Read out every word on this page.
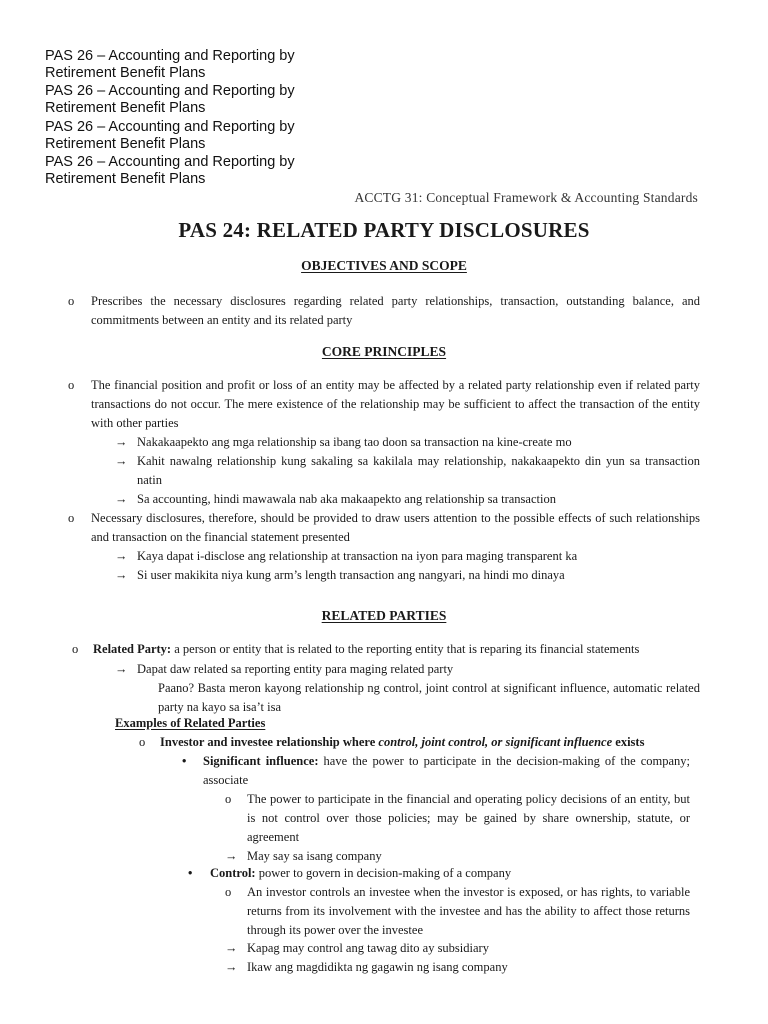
PAS 26 – Accounting and Reporting by
Retirement Benefit Plans
PAS 26 – Accounting and Reporting by
Retirement Benefit Plans
PAS 26 – Accounting and Reporting by
Retirement Benefit Plans
PAS 26 – Accounting and Reporting by
Retirement Benefit Plans
ACCTG 31: Conceptual Framework & Accounting Standards
PAS 24: RELATED PARTY DISCLOSURES
OBJECTIVES AND SCOPE
o Prescribes the necessary disclosures regarding related party relationships, transaction, outstanding balance, and commitments between an entity and its related party
CORE PRINCIPLES
o The financial position and profit or loss of an entity may be affected by a related party relationship even if related party transactions do not occur. The mere existence of the relationship may be sufficient to affect the transaction of the entity with other parties
→ Nakakaapekto ang mga relationship sa ibang tao doon sa transaction na kine-create mo
→ Kahit nawalng relationship kung sakaling sa kakilala may relationship, nakakaapekto din yun sa transaction natin
→ Sa accounting, hindi mawawala nab aka makaapekto ang relationship sa transaction
o Necessary disclosures, therefore, should be provided to draw users attention to the possible effects of such relationships and transaction on the financial statement presented
→ Kaya dapat i-disclose ang relationship at transaction na iyon para maging transparent ka
→ Si user makikita niya kung arm’s length transaction ang nangyari, na hindi mo dinaya
RELATED PARTIES
o Related Party: a person or entity that is related to the reporting entity that is reparing its financial statements
→ Dapat daw related sa reporting entity para maging related party
Paano? Basta meron kayong relationship ng control, joint control at significant influence, automatic related party na kayo sa isa’t isa
Examples of Related Parties
o Investor and investee relationship where control, joint control, or significant influence exists
• Significant influence: have the power to participate in the decision-making of the company; associate
o The power to participate in the financial and operating policy decisions of an entity, but is not control over those policies; may be gained by share ownership, statute, or agreement
→ May say sa isang company
• Control: power to govern in decision-making of a company
o An investor controls an investee when the investor is exposed, or has rights, to variable returns from its involvement with the investee and has the ability to affect those returns through its power over the investee
→ Kapag may control ang tawag dito ay subsidiary
→ Ikaw ang magdidikta ng gagawin ng isang company
